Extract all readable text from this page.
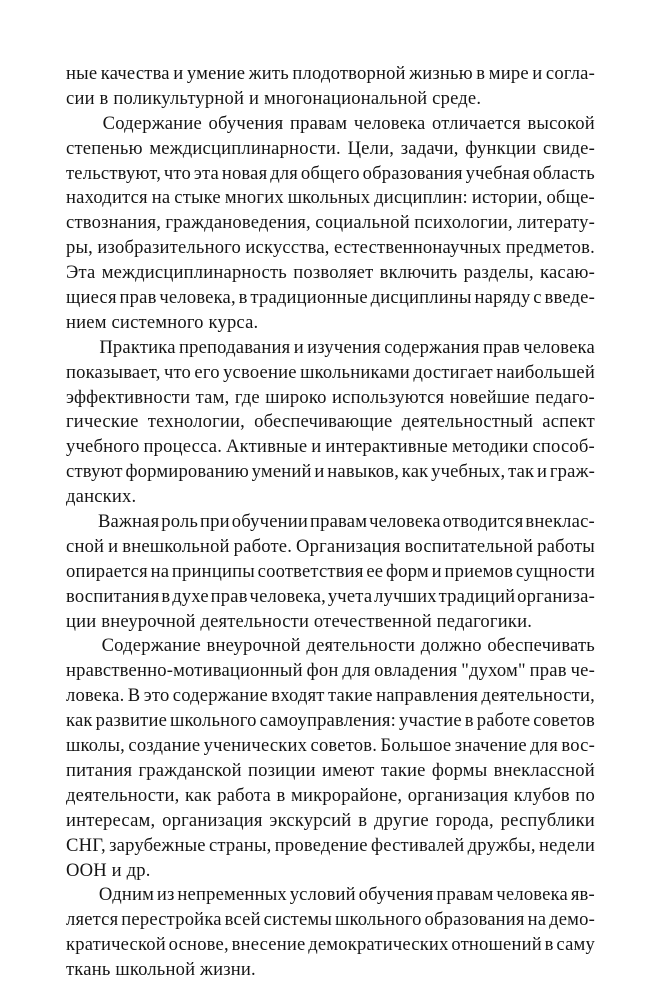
ные качества и умение жить плодотворной жизнью в мире и согла-
сии в поликультурной и многонациональной среде.
Содержание обучения правам человека отличается высокой
степенью междисциплинарности. Цели, задачи, функции свиде-
тельствуют, что эта новая для общего образования учебная область
находится на стыке многих школьных дисциплин: истории, обще-
ствознания, граждановедения, социальной психологии, литерату-
ры, изобразительного искусства, естественнонаучных предметов.
Эта междисциплинарность позволяет включить разделы, касаю-
щиеся прав человека, в традиционные дисциплины наряду с введе-
нием системного курса.
Практика преподавания и изучения содержания прав человека
показывает, что его усвоение школьниками достигает наибольшей
эффективности там, где широко используются новейшие педаго-
гические технологии, обеспечивающие деятельностный аспект
учебного процесса. Активные и интерактивные методики способ-
ствуют формированию умений и навыков, как учебных, так и граж-
данских.
Важная роль при обучении правам человека отводится внеклас-
сной и внешкольной работе. Организация воспитательной работы
опирается на принципы соответствия ее форм и приемов сущности
воспитания в духе прав человека, учета лучших традиций организа-
ции внеурочной деятельности отечественной педагогики.
Содержание внеурочной деятельности должно обеспечивать
нравственно-мотивационный фон для овладения "духом" прав че-
ловека. В это содержание входят такие направления деятельности,
как развитие школьного самоуправления: участие в работе советов
школы, создание ученических советов. Большое значение для вос-
питания гражданской позиции имеют такие формы внеклассной
деятельности, как работа в микрорайоне, организация клубов по
интересам, организация экскурсий в другие города, республики
СНГ, зарубежные страны, проведение фестивалей дружбы, недели
ООН и др.
Одним из непременных условий обучения правам человека яв-
ляется перестройка всей системы школьного образования на демо-
кратической основе, внесение демократических отношений в саму
ткань школьной жизни.
